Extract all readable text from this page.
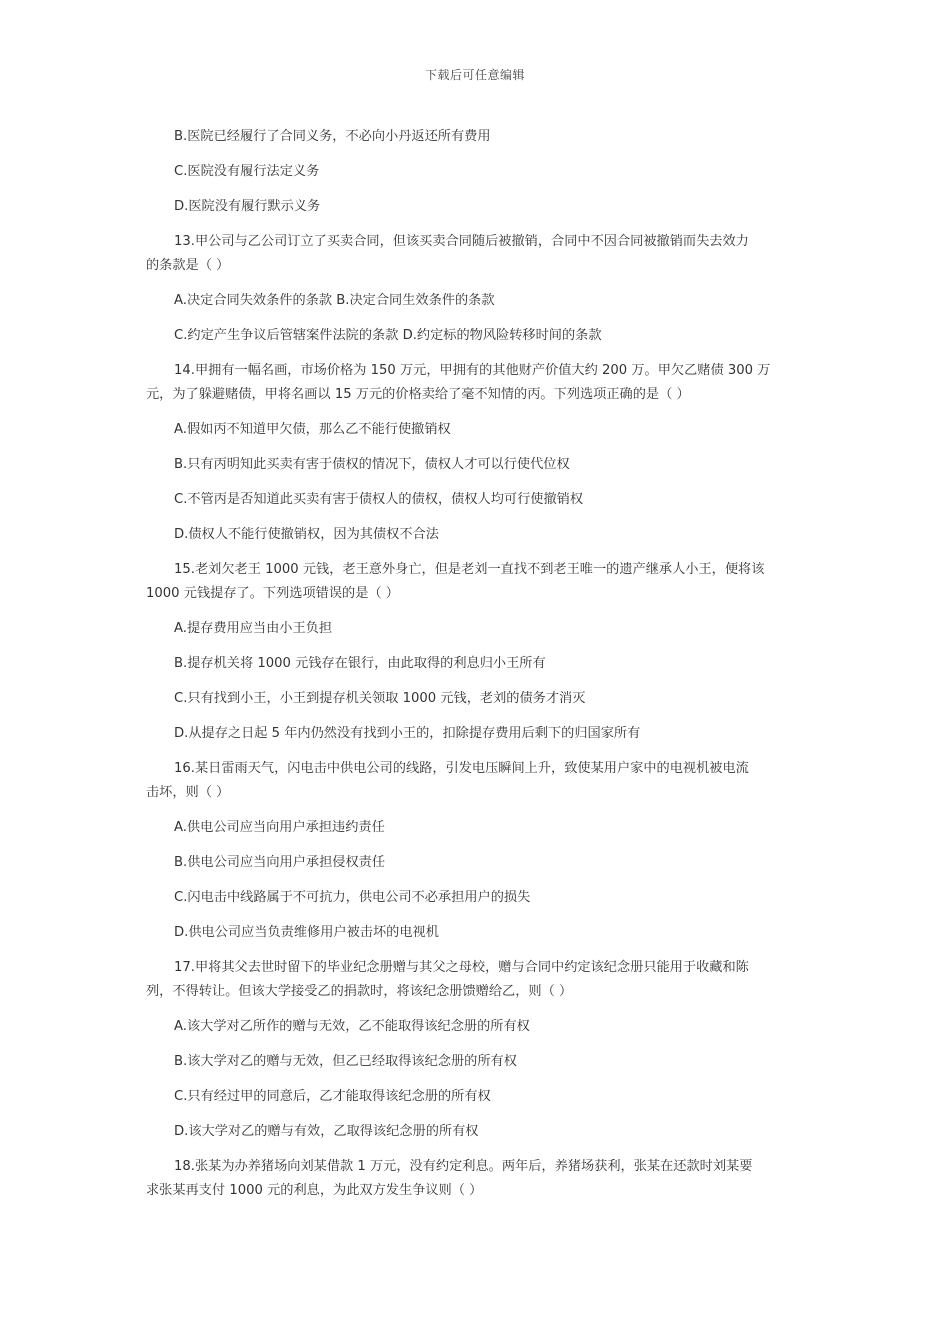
下载后可任意编辑
B.医院已经履行了合同义务，不必向小丹返还所有费用
C.医院没有履行法定义务
D.医院没有履行默示义务
13.甲公司与乙公司订立了买卖合同，但该买卖合同随后被撤销，合同中不因合同被撤销而失去效力
的条款是（ ）
A.决定合同失效条件的条款 B.决定合同生效条件的条款
C.约定产生争议后管辖案件法院的条款 D.约定标的物风险转移时间的条款
14.甲拥有一幅名画，市场价格为 150 万元，甲拥有的其他财产价值大约 200 万。甲欠乙赌债 300 万
元，为了躲避赌债，甲将名画以 15 万元的价格卖给了毫不知情的丙。下列选项正确的是（ ）
A.假如丙不知道甲欠债，那么乙不能行使撤销权
B.只有丙明知此买卖有害于债权的情况下，债权人才可以行使代位权
C.不管丙是否知道此买卖有害于债权人的债权，债权人均可行使撤销权
D.债权人不能行使撤销权，因为其债权不合法
15.老刘欠老王 1000 元钱，老王意外身亡，但是老刘一直找不到老王唯一的遗产继承人小王，便将该
1000 元钱提存了。下列选项错误的是（ ）
A.提存费用应当由小王负担
B.提存机关将 1000 元钱存在银行，由此取得的利息归小王所有
C.只有找到小王，小王到提存机关领取 1000 元钱，老刘的债务才消灭
D.从提存之日起 5 年内仍然没有找到小王的，扣除提存费用后剩下的归国家所有
16.某日雷雨天气，闪电击中供电公司的线路，引发电压瞬间上升，致使某用户家中的电视机被电流
击坏，则（ ）
A.供电公司应当向用户承担违约责任
B.供电公司应当向用户承担侵权责任
C.闪电击中线路属于不可抗力，供电公司不必承担用户的损失
D.供电公司应当负责维修用户被击坏的电视机
17.甲将其父去世时留下的毕业纪念册赠与其父之母校，赠与合同中约定该纪念册只能用于收藏和陈
列，不得转让。但该大学接受乙的捐款时，将该纪念册馈赠给乙，则（ ）
A.该大学对乙所作的赠与无效，乙不能取得该纪念册的所有权
B.该大学对乙的赠与无效，但乙已经取得该纪念册的所有权
C.只有经过甲的同意后，乙才能取得该纪念册的所有权
D.该大学对乙的赠与有效，乙取得该纪念册的所有权
18.张某为办养猪场向刘某借款 1 万元，没有约定利息。两年后，养猪场获利，张某在还款时刘某要
求张某再支付 1000 元的利息，为此双方发生争议则（ ）
